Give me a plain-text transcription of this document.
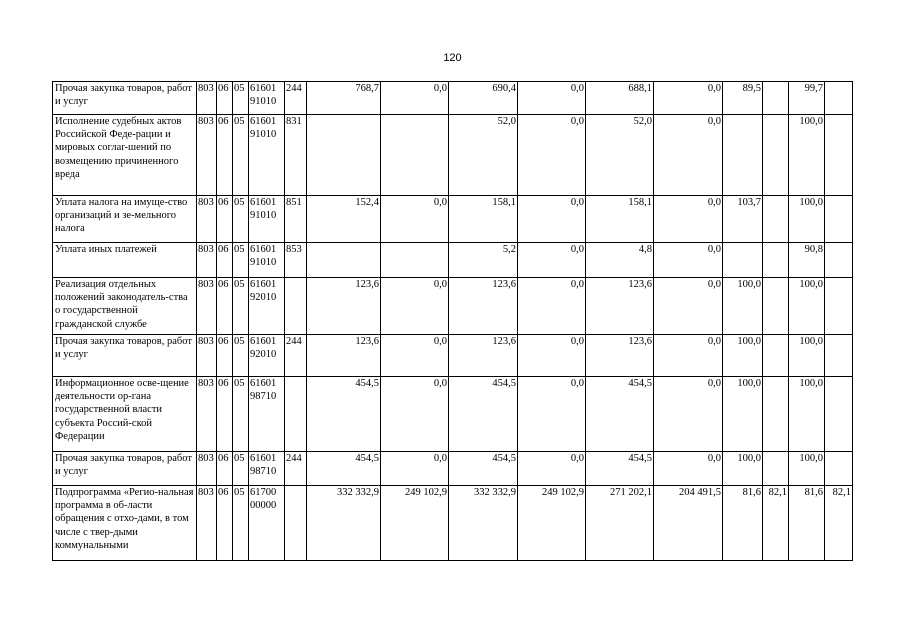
120
Прочая закупка товаров, работ и услуг	803	06	05	61601 91010	244	768,7	0,0	690,4	0,0	688,1	0,0	89,5		99,7	
Исполнение судебных актов Российской Феде-рации и мировых соглаr-шений по возмещению причиненного вреда	803	06	05	61601 91010	831			52,0	0,0	52,0	0,0			100,0	
Уплата налога на имуще-ство организаций и зе-мельного налога	803	06	05	61601 91010	851	152,4	0,0	158,1	0,0	158,1	0,0	103,7		100,0	
Уплата иных платежей	803	06	05	61601 91010	853			5,2	0,0	4,8	0,0			90,8	
Реализация отдельных положений законодатель-ства о государственной гражданской службе	803	06	05	61601 92010		123,6	0,0	123,6	0,0	123,6	0,0	100,0		100,0	
Прочая закупка товаров, работ и услуг	803	06	05	61601 92010	244	123,6	0,0	123,6	0,0	123,6	0,0	100,0		100,0	
Информационное осве-щение деятельности ор-гана государственной власти субъекта Россий-ской Федерации	803	06	05	61601 98710		454,5	0,0	454,5	0,0	454,5	0,0	100,0		100,0	
Прочая закупка товаров, работ и услуг	803	06	05	61601 98710	244	454,5	0,0	454,5	0,0	454,5	0,0	100,0		100,0	
Подпрограмма «Регио-нальная программа в об-ласти обращения с отхо-дами, в том числе с твер-дыми коммунальными	803	06	05	61700 00000		332 332,9	249 102,9	332 332,9	249 102,9	271 202,1	204 491,5	81,6	82,1	81,6	82,1
